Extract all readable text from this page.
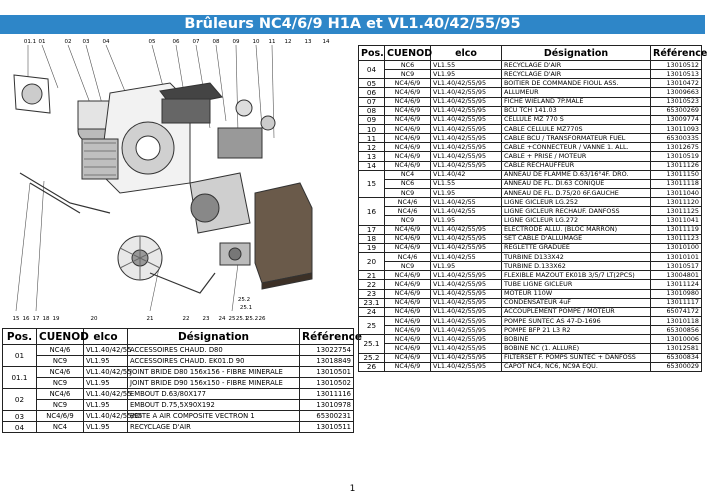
Brûleurs NC4/6/9 H1A et VL1.40/42/55/95
01.1 01	02 03 04	05	06 07 08 09 10 11 12 13 14
15 16 17 18 19	20	21	22 23 24 25 25.1
25.2 26
25.2
25.1
Pos.	CUENOD	elco	Désignation	Référence
01	NC4/6	VL1.40/42/55	ACCESSOIRES CHAUD. D80	13022754
	NC9	VL1.95	ACCESSOIRES CHAUD. EK01.D 90	13018849
01.1	NC4/6	VL1.40/42/55	JOINT BRIDE D80 156x156 - FIBRE MINERALE	13010501
	NC9	VL1.95	JOINT BRIDE D90 156x150 - FIBRE MINERALE	13010502
02	NC4/6	VL1.40/42/55	EMBOUT D.63/80X177	13011116
	NC9	VL1.95	EMBOUT D.75,5X90X192	13010978
03	NC4/6/9	VL1.40/42/55/95	BOITE A AIR COMPOSITE VECTRON 1	65300231
04	NC4	VL1.95	RECYCLAGE D'AIR	13010511
Pos.	CUENOD	elco	Désignation	Référence
04	NC6	VL1.55	RECYCLAGE D'AIR	13010512
	NC9	VL1.95	RECYCLAGE D'AIR	13010513
05	NC4/6/9	VL1.40/42/55/95	BOITIER DE COMMANDE FIOUL ASS.	13010472
06	NC4/6/9	VL1.40/42/55/95	ALLUMEUR	13009663
07	NC4/6/9	VL1.40/42/55/95	FICHE WIELAND 7P.MALE	13010523
08	NC4/6/9	VL1.40/42/55/95	BCU TCH 141.03	65300269
09	NC4/6/9	VL1.40/42/55/95	CELLULE MZ 770 S	13009774
10	NC4/6/9	VL1.40/42/55/95	CABLE CELLULE MZ770S	13011093
11	NC4/6/9	VL1.40/42/55/95	CABLE BCU / TRANSFORMATEUR FUEL	65300335
12	NC4/6/9	VL1.40/42/55/95	CABLE +CONNECTEUR / VANNE 1. ALL.	13012675
13	NC4/6/9	VL1.40/42/55/95	CABLE + PRISE / MOTEUR	13010519
14	NC4/6/9	VL1.40/42/55/95	CABLE RECHAUFFEUR	13011126
15	NC4	VL1.40/42	ANNEAU DE FLAMME D.63/16°4F. DRO.	13011150
	NC6	VL1.55	ANNEAU DE FL. DI.63 CONIQUE	13011118
	NC9	VL1.95	ANNEAU DE FL. D.75/20 6F.GAUCHE	13011040
16	NC4/6	VL1.40/42/55	LIGNE GICLEUR LG.252	13011120
	NC4/6	VL1.40/42/55	LIGNE GICLEUR RECHAUF. DANFOSS	13011125
	NC9	VL1.95	LIGNE GICLEUR LG.272	13011041
17	NC4/6/9	VL1.40/42/55/95	ELECTRODE ALLU. (BLOC MARRON)	13011119
18	NC4/6/9	VL1.40/42/55/95	SET CABLE D'ALLUMAGE	13011123
19	NC4/6/9	VL1.40/42/55/95	REGLETTE GRADUEE	13010100
20	NC4/6	VL1.40/42/55	TURBINE D133X42	13010101
	NC9	VL1.95	TURBINE D.133X62	13010517
21	NC4/6/9	VL1.40/42/55/95	FLEXIBLE MAZOUT EK01B 3/5/7 LT(2PCS)	13004801
22	NC4/6/9	VL1.40/42/55/95	TUBE LIGNE GICLEUR	13011124
23	NC4/6/9	VL1.40/42/55/95	MOTEUR 110W	13010980
23.1	NC4/6/9	VL1.40/42/55/95	CONDENSATEUR 4uF	13011117
24	NC4/6/9	VL1.40/42/55/95	ACCOUPLEMENT POMPE / MOTEUR	65074172
25	NC4/6/9	VL1.40/42/55/95	POMPE SUNTEC AS 47-D-1696	13010118
	NC4/6/9	VL1.40/42/55/95	POMPE BFP 21 L3 R2	65300856
25.1	NC4/6/9	VL1.40/42/55/95	BOBINE	13010006
	NC4/6/9	VL1.40/42/55/95	BOBINE NC (1. ALLURE)	13012581
25.2	NC4/6/9	VL1.40/42/55/95	FILTERSET F. POMPS SUNTEC + DANFOSS	65300834
26	NC4/6/9	VL1.40/42/55/95	CAPOT NC4, NC6, NC9A EQU.	65300029
1
